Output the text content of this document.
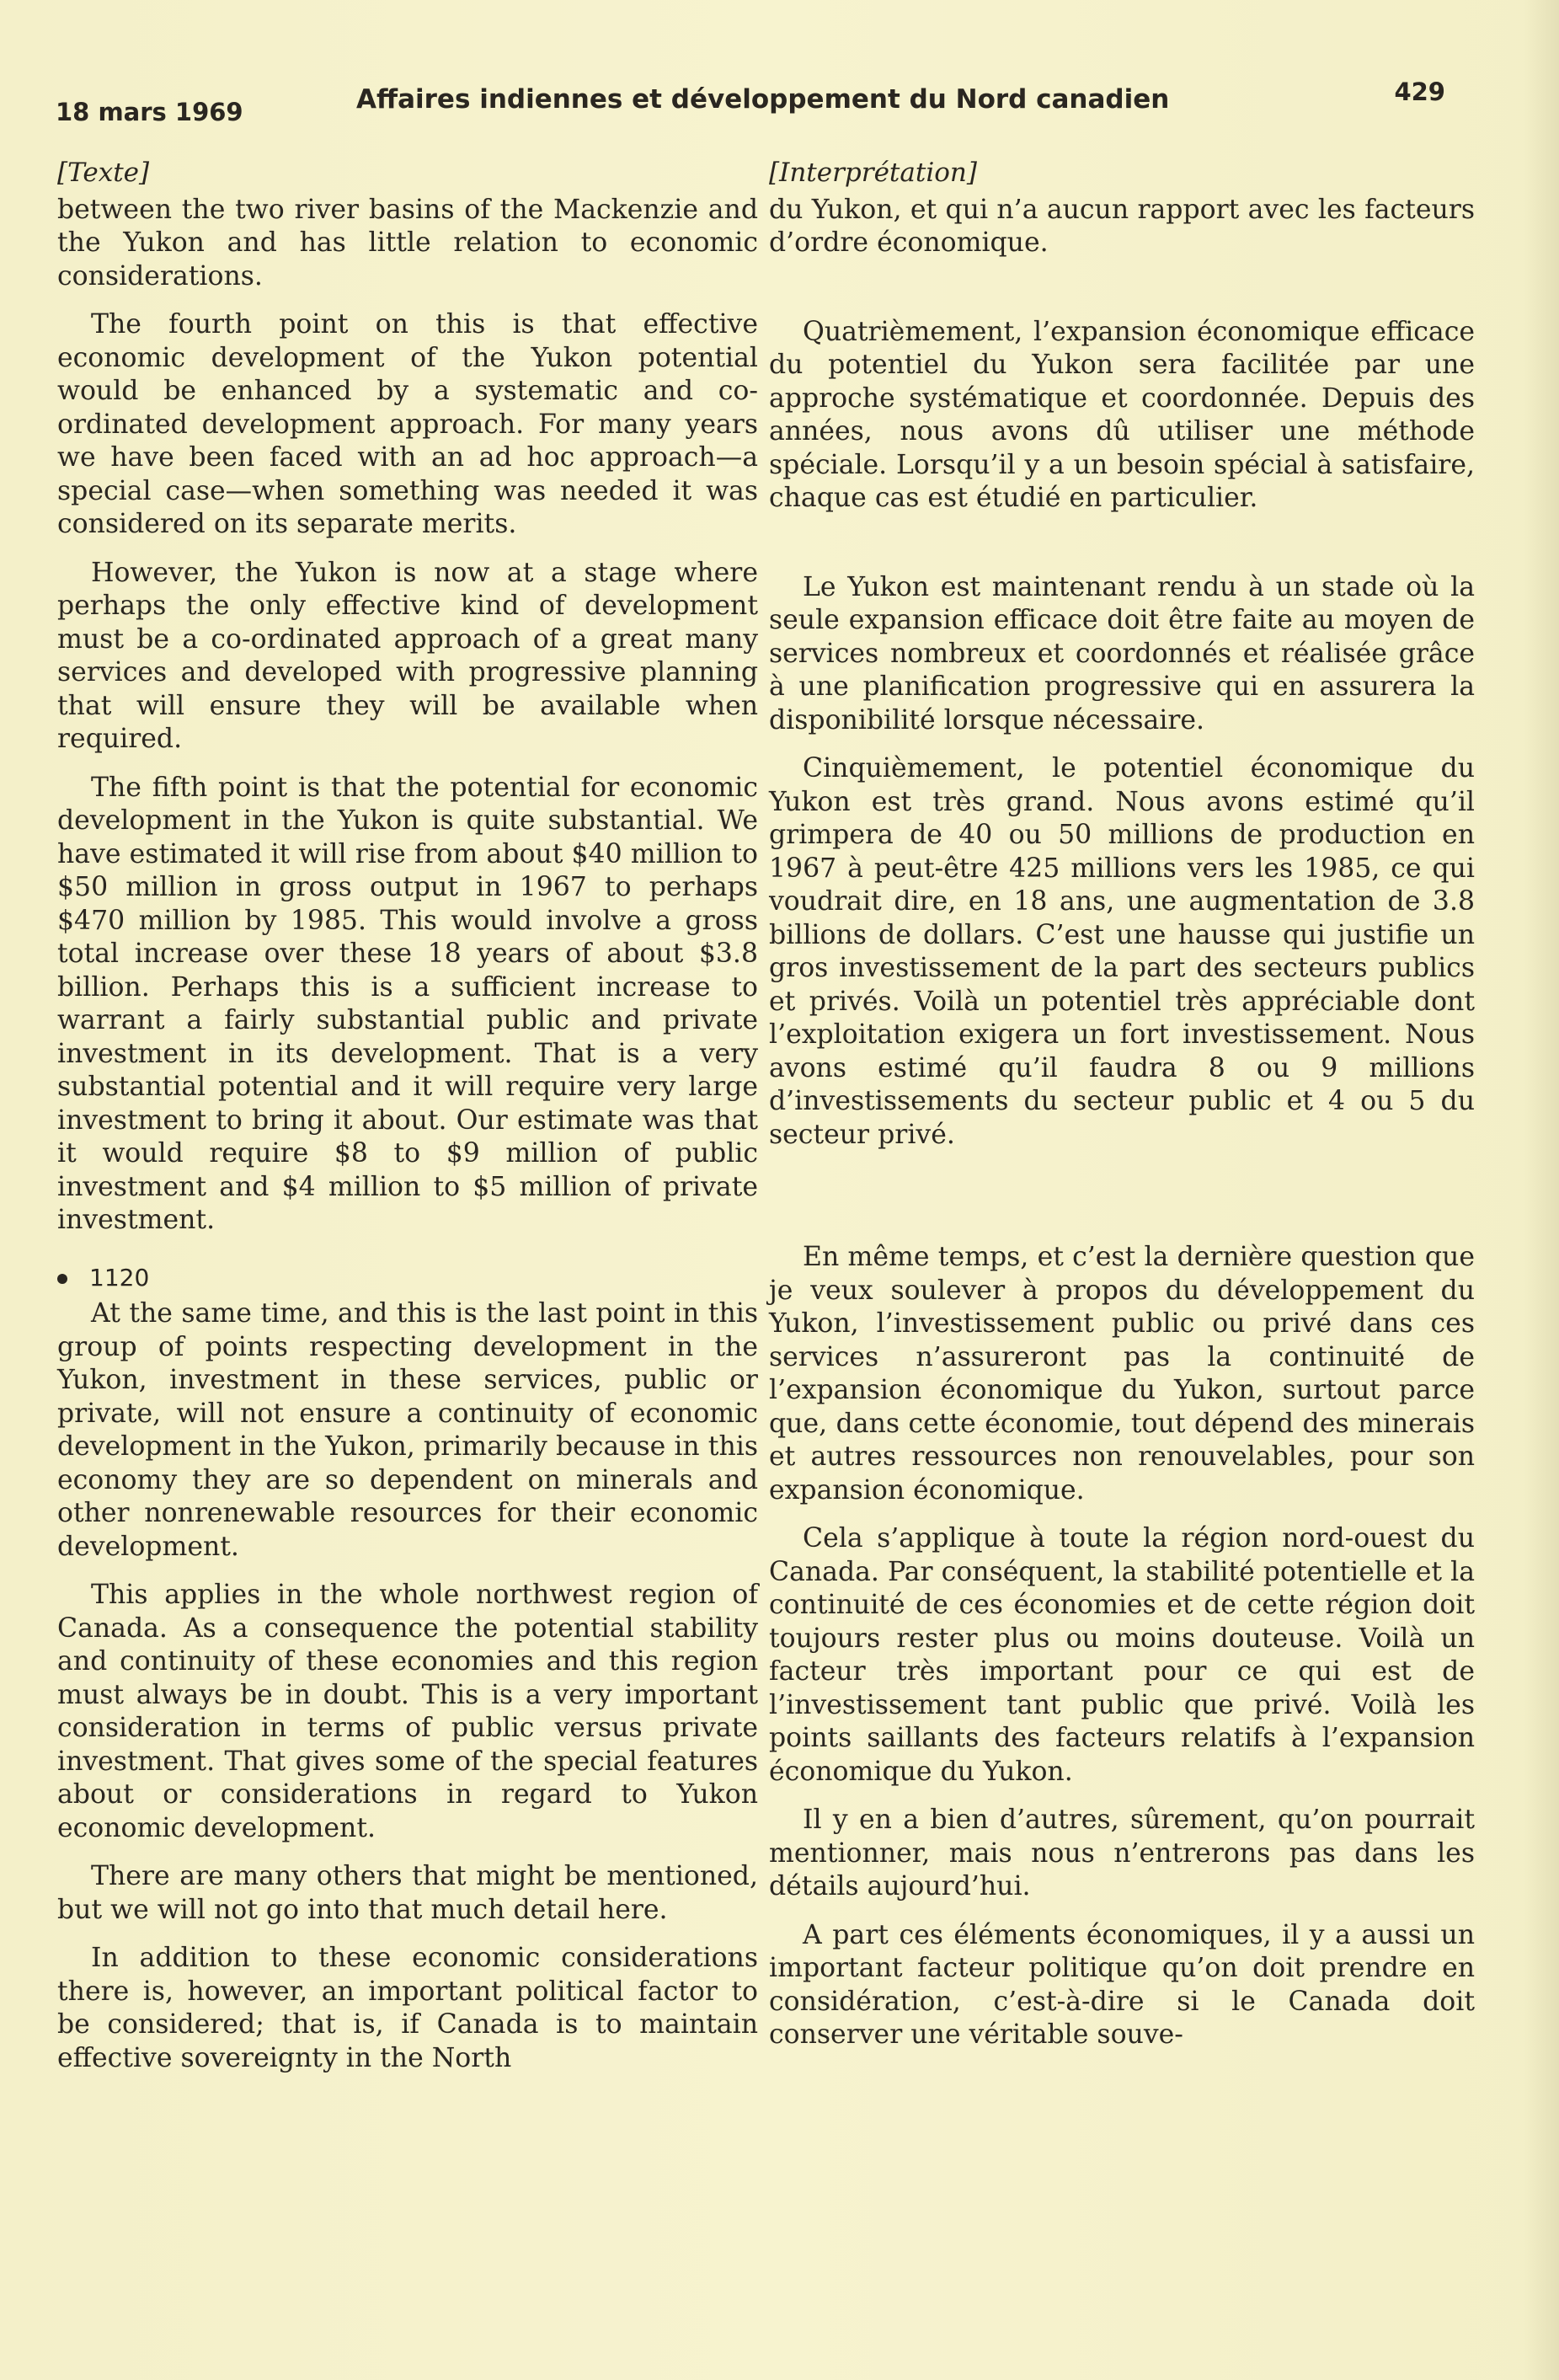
18 mars 1969	Affaires indiennes et développement du Nord canadien	429
[Texte]

between the two river basins of the Mackenzie and the Yukon and has little relation to economic considerations.

The fourth point on this is that effective economic development of the Yukon potential would be enhanced by a systematic and co-ordinated development approach. For many years we have been faced with an ad hoc approach—a special case—when something was needed it was considered on its separate merits.

However, the Yukon is now at a stage where perhaps the only effective kind of development must be a co-ordinated approach of a great many services and developed with progressive planning that will ensure they will be available when required.

The fifth point is that the potential for economic development in the Yukon is quite substantial. We have estimated it will rise from about $40 million to $50 million in gross output in 1967 to perhaps $470 million by 1985. This would involve a gross total increase over these 18 years of about $3.8 billion. Perhaps this is a sufficient increase to warrant a fairly substantial public and private investment in its development. That is a very substantial potential and it will require very large investment to bring it about. Our estimate was that it would require $8 to $9 million of public investment and $4 million to $5 million of private investment.

1120

At the same time, and this is the last point in this group of points respecting development in the Yukon, investment in these services, public or private, will not ensure a continuity of economic development in the Yukon, primarily because in this economy they are so dependent on minerals and other nonrenewable resources for their economic development.

This applies in the whole northwest region of Canada. As a consequence the potential stability and continuity of these economies and this region must always be in doubt. This is a very important consideration in terms of public versus private investment. That gives some of the special features about or considerations in regard to Yukon economic development.

There are many others that might be mentioned, but we will not go into that much detail here.

In addition to these economic considerations there is, however, an important political factor to be considered; that is, if Canada is to maintain effective sovereignty in the North

[Interprétation]

du Yukon, et qui n’a aucun rapport avec les facteurs d’ordre économique.

Quatrièmement, l’expansion économique efficace du potentiel du Yukon sera facilitée par une approche systématique et coordonnée. Depuis des années, nous avons dû utiliser une méthode spéciale. Lorsqu’il y a un besoin spécial à satisfaire, chaque cas est étudié en particulier.

Le Yukon est maintenant rendu à un stade où la seule expansion efficace doit être faite au moyen de services nombreux et coordonnés et réalisée grâce à une planification progressive qui en assurera la disponibilité lorsque nécessaire.

Cinquièmement, le potentiel économique du Yukon est très grand. Nous avons estimé qu’il grimpera de 40 ou 50 millions de production en 1967 à peut-être 425 millions vers les 1985, ce qui voudrait dire, en 18 ans, une augmentation de 3.8 billions de dollars. C’est une hausse qui justifie un gros investissement de la part des secteurs publics et privés. Voilà un potentiel très appréciable dont l’exploitation exigera un fort investissement. Nous avons estimé qu’il faudra 8 ou 9 millions d’investissements du secteur public et 4 ou 5 du secteur privé.

En même temps, et c’est la dernière question que je veux soulever à propos du développement du Yukon, l’investissement public ou privé dans ces services n’assureront pas la continuité de l’expansion économique du Yukon, surtout parce que, dans cette économie, tout dépend des minerais et autres ressources non renouvelables, pour son expansion économique.

Cela s’applique à toute la région nord-ouest du Canada. Par conséquent, la stabilité potentielle et la continuité de ces économies et de cette région doit toujours rester plus ou moins douteuse. Voilà un facteur très important pour ce qui est de l’investissement tant public que privé. Voilà les points saillants des facteurs relatifs à l’expansion économique du Yukon.

Il y en a bien d’autres, sûrement, qu’on pourrait mentionner, mais nous n’entrerons pas dans les détails aujourd’hui.

A part ces éléments économiques, il y a aussi un important facteur politique qu’on doit prendre en considération, c’est-à-dire si le Canada doit conserver une véritable souve-
